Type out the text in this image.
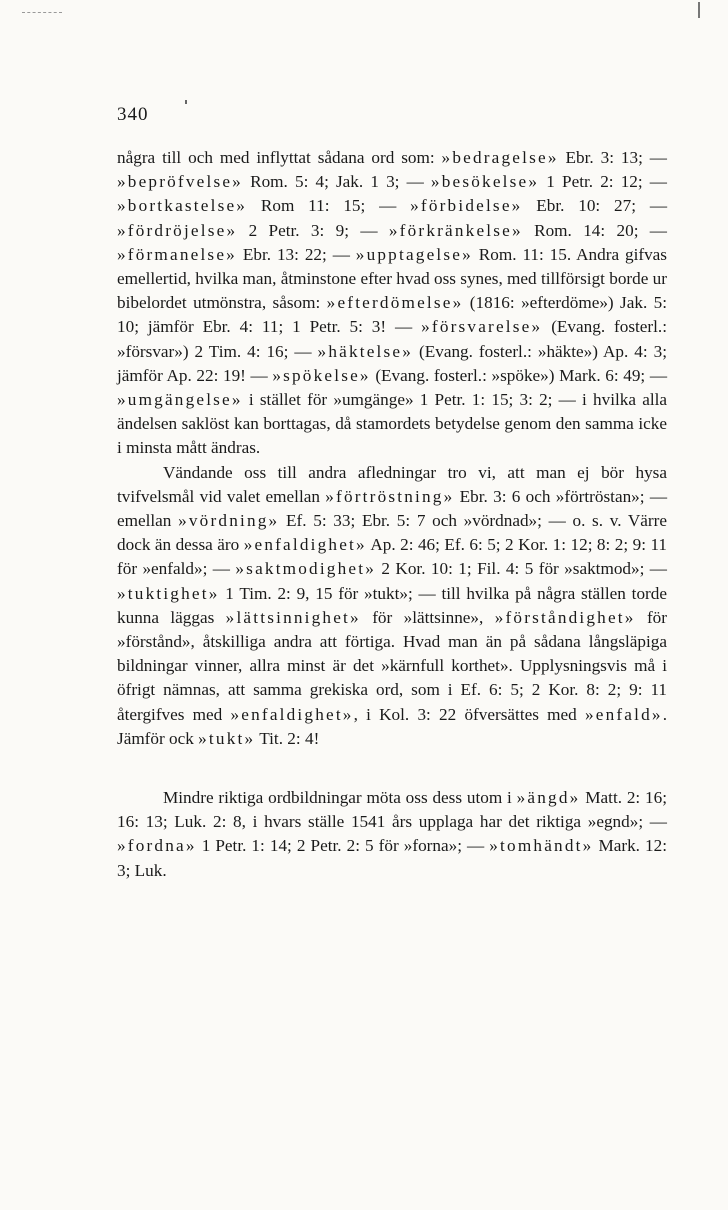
340

några till och med inflyttat sådana ord som: »bedragelse» Ebr. 3: 13; — »bepröfvelse» Rom. 5: 4; Jak. 1 3; — »besökelse» 1 Petr. 2: 12; — »bortkastelse» Rom 11: 15; — »förbidelse» Ebr. 10: 27; — »fördröjelse» 2 Petr. 3: 9; — »förkränkelse» Rom. 14: 20; — »förmanelse» Ebr. 13: 22; — »upptagelse» Rom. 11: 15. Andra gifvas emellertid, hvilka man, åtminstone efter hvad oss synes, med tillförsigt borde ur bibelordet utmönstra, såsom: »efterdömelse» (1816: »efterdöme») Jak. 5: 10; jämför Ebr. 4: 11; 1 Petr. 5: 3! — »försvarelse» (Evang. fosterl.: »försvar») 2 Tim. 4: 16; — »häktelse» (Evang. fosterl.: »häkte») Ap. 4: 3; jämför Ap. 22: 19! — »spökelse» (Evang. fosterl.: »spöke») Mark. 6: 49; — »umgängelse» i stället för »umgänge» 1 Petr. 1: 15; 3: 2; — i hvilka alla ändelsen saklöst kan borttagas, då stamordets betydelse genom den samma icke i minsta mått ändras.

Vändande oss till andra afledningar tro vi, att man ej bör hysa tvifvelsmål vid valet emellan »förtröstning» Ebr. 3: 6 och »förtröstan»; — emellan »vördning» Ef. 5: 33; Ebr. 5: 7 och »vördnad»; — o. s. v. Värre dock än dessa äro »enfaldighet» Ap. 2: 46; Ef. 6: 5; 2 Kor. 1: 12; 8: 2; 9: 11 för »enfald»; — »saktmodighet» 2 Kor. 10: 1; Fil. 4: 5 för »saktmod»; — »tuktighet» 1 Tim. 2: 9, 15 för »tukt»; — till hvilka på några ställen torde kunna läggas »lättsinnighet» för »lättsinne», »förståndighet» för »förstånd», åtskilliga andra att förtiga. Hvad man än på sådana långsläpiga bildningar vinner, allra minst är det »kärnfull korthet». Upplysningsvis må i öfrigt nämnas, att samma grekiska ord, som i Ef. 6: 5; 2 Kor. 8: 2; 9: 11 återgifves med »enfaldighet», i Kol. 3: 22 öfversättes med »enfald». Jämför ock »tukt» Tit. 2: 4!

Mindre riktiga ordbildningar möta oss dess utom i »ängd» Matt. 2: 16; 16: 13; Luk. 2: 8, i hvars ställe 1541 års upplaga har det riktiga »egnd»; — »fordna» 1 Petr. 1: 14; 2 Petr. 2: 5 för »forna»; — »tomhändt» Mark. 12: 3; Luk.
